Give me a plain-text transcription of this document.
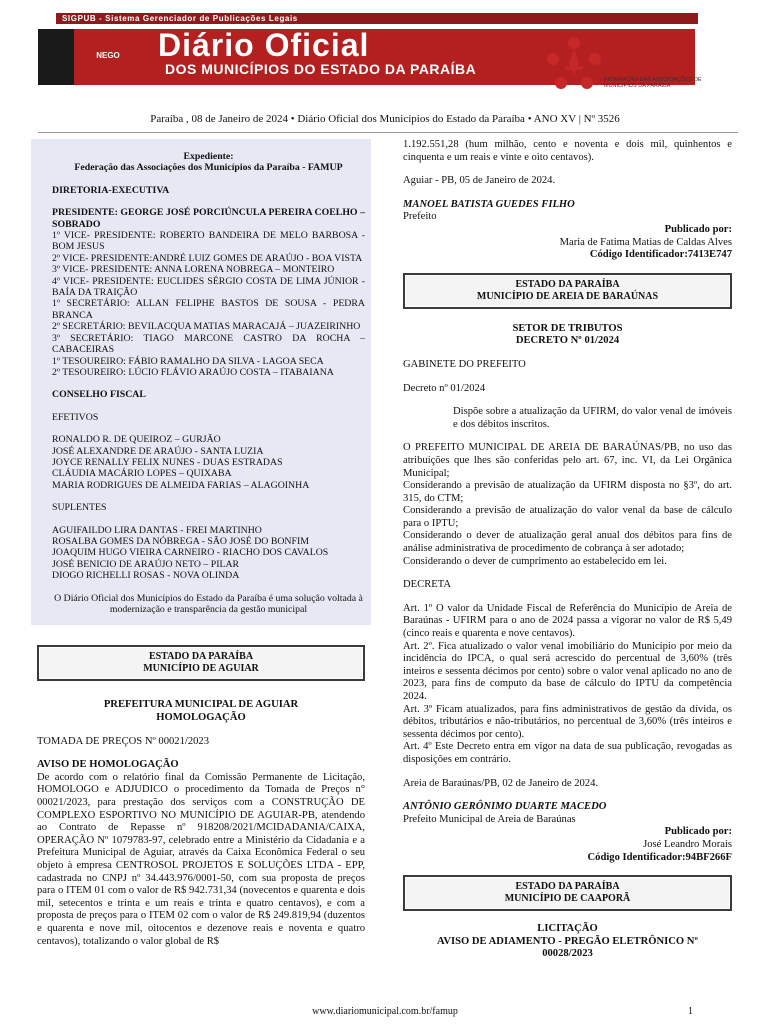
SIGPUB - Sistema Gerenciador de Publicações Legais
NEGO Diário Oficial
DOS MUNICÍPIOS DO ESTADO DA PARAÍBA	FAMUP
FEDERAÇÃO DAS ASSOCIAÇÕES DE MUNICÍPIOS DA PARAÍBA
Paraíba , 08 de Janeiro de 2024 • Diário Oficial dos Municípios do Estado da Paraíba • ANO XV | Nº 3526
Expediente:
Federação das Associações dos Municípios da Paraíba - FAMUP
DIRETORIA-EXECUTIVA
PRESIDENTE: GEORGE JOSÉ PORCIÚNCULA PEREIRA COELHO – SOBRADO
1º VICE- PRESIDENTE: ROBERTO BANDEIRA DE MELO BARBOSA - BOM JESUS
2º VICE- PRESIDENTE:ANDRÉ LUIZ GOMES DE ARAÚJO - BOA VISTA
3º VICE- PRESIDENTE: ANNA LORENA NOBREGA – MONTEIRO
4º VICE- PRESIDENTE: EUCLIDES SÉRGIO COSTA DE LIMA JÚNIOR - BAÍA DA TRAIÇÃO
1º SECRETÁRIO: ALLAN FELIPHE BASTOS DE SOUSA - PEDRA BRANCA
2º SECRETÁRIO: BEVILACQUA MATIAS MARACAJÁ – JUAZEIRINHO
3º SECRETÁRIO: TIAGO MARCONE CASTRO DA ROCHA – CABACEIRAS
1º TESOUREIRO: FÁBIO RAMALHO DA SILVA - LAGOA SECA
2º TESOUREIRO: LÚCIO FLÁVIO ARAÚJO COSTA – ITABAIANA
CONSELHO FISCAL
EFETIVOS
RONALDO R. DE QUEIROZ – GURJÃO
JOSÉ ALEXANDRE DE ARAÚJO - SANTA LUZIA
JOYCE RENALLY FELIX NUNES - DUAS ESTRADAS
CLÁUDIA MACÁRIO LOPES – QUIXABA
MARIA RODRIGUES DE ALMEIDA FARIAS – ALAGOINHA
SUPLENTES
AGUIFAILDO LIRA DANTAS - FREI MARTINHO
ROSALBA GOMES DA NÓBREGA - SÃO JOSÉ DO BONFIM
JOAQUIM HUGO VIEIRA CARNEIRO - RIACHO DOS CAVALOS
JOSÉ BENICIO DE ARAÚJO NETO – PILAR
DIOGO RICHELLI ROSAS - NOVA OLINDA
O Diário Oficial dos Municípios do Estado da Paraíba é uma solução voltada à modernização e transparência da gestão municipal
ESTADO DA PARAÍBA
MUNICÍPIO DE AGUIAR
PREFEITURA MUNICIPAL DE AGUIAR
HOMOLOGAÇÃO
TOMADA DE PREÇOS Nº 00021/2023
AVISO DE HOMOLOGAÇÃO
De acordo com o relatório final da Comissão Permanente de Licitação, HOMOLOGO e ADJUDICO o procedimento da Tomada de Preços n° 00021/2023, para prestação dos serviços com a CONSTRUÇÃO DE COMPLEXO ESPORTIVO NO MUNICÍPIO DE AGUIAR-PB, atendendo ao Contrato de Repasse nº 918208/2021/MCIDADANIA/CAIXA, OPERAÇÃO Nº 1079783-97, celebrado entre a Ministério da Cidadania e a Prefeitura Municipal de Aguiar, através da Caixa Econômica Federal o seu objeto à empresa CENTROSOL PROJETOS E SOLUÇÕES LTDA - EPP, cadastrada no CNPJ nº 34.443.976/0001-50, com sua proposta de preços para o ITEM 01 com o valor de R$ 942.731,34 (novecentos e quarenta e dois mil, setecentos e trinta e um reais e trinta e quatro centavos), e com a proposta de preços para o ITEM 02 com o valor de R$ 249.819,94 (duzentos e quarenta e nove mil, oitocentos e dezenove reais e noventa e quatro centavos), totalizando o valor global de R$
1.192.551,28 (hum milhão, cento e noventa e dois mil, quinhentos e cinquenta e um reais e vinte e oito centavos).
Aguiar - PB, 05 de Janeiro de 2024.
MANOEL BATISTA GUEDES FILHO
Prefeito
Publicado por:
Maria de Fatima Matias de Caldas Alves
Código Identificador:7413E747
ESTADO DA PARAÍBA
MUNICÍPIO DE AREIA DE BARAÚNAS
SETOR DE TRIBUTOS
DECRETO Nº 01/2024
GABINETE DO PREFEITO
Decreto nº 01/2024
Dispõe sobre a atualização da UFIRM, do valor venal de imóveis e dos débitos inscritos.
O PREFEITO MUNICIPAL DE AREIA DE BARAÚNAS/PB, no uso das atribuições que lhes são conferidas pelo art. 67, inc. VI, da Lei Orgânica Municipal;
Considerando a previsão de atualização da UFIRM disposta no §3º, do art. 315, do CTM;
Considerando a previsão de atualização do valor venal da base de cálculo para o IPTU;
Considerando o dever de atualização geral anual dos débitos para fins de análise administrativa de procedimento de cobrança à ser adotado;
Considerando o dever de cumprimento ao estabelecido em lei.
DECRETA
Art. 1º O valor da Unidade Fiscal de Referência do Município de Areia de Baraúnas - UFIRM para o ano de 2024 passa a vigorar no valor de R$ 5,49 (cinco reais e quarenta e nove centavos).
Art. 2º. Fica atualizado o valor venal imobiliário do Município por meio da incidência do IPCA, o qual será acrescido do percentual de 3,60% (três inteiros e sessenta décimos por cento) sobre o valor venal aplicado no ano de 2023, para fins de computo da base de cálculo do IPTU da competência 2024.
Art. 3º Ficam atualizados, para fins administrativos de gestão da dívida, os débitos, tributários e não-tributários, no percentual de 3,60% (três inteiros e sessenta décimos por cento).
Art. 4º Este Decreto entra em vigor na data de sua publicação, revogadas as disposições em contrário.
Areia de Baraúnas/PB, 02 de Janeiro de 2024.
ANTÔNIO GERÔNIMO DUARTE MACEDO
Prefeito Municipal de Areia de Baraúnas
Publicado por:
José Leandro Morais
Código Identificador:94BF266F
ESTADO DA PARAÍBA
MUNICÍPIO DE CAAPORÃ
LICITAÇÃO
AVISO DE ADIAMENTO - PREGÃO ELETRÔNICO Nº
00028/2023
www.diariomunicipal.com.br/famup	1
